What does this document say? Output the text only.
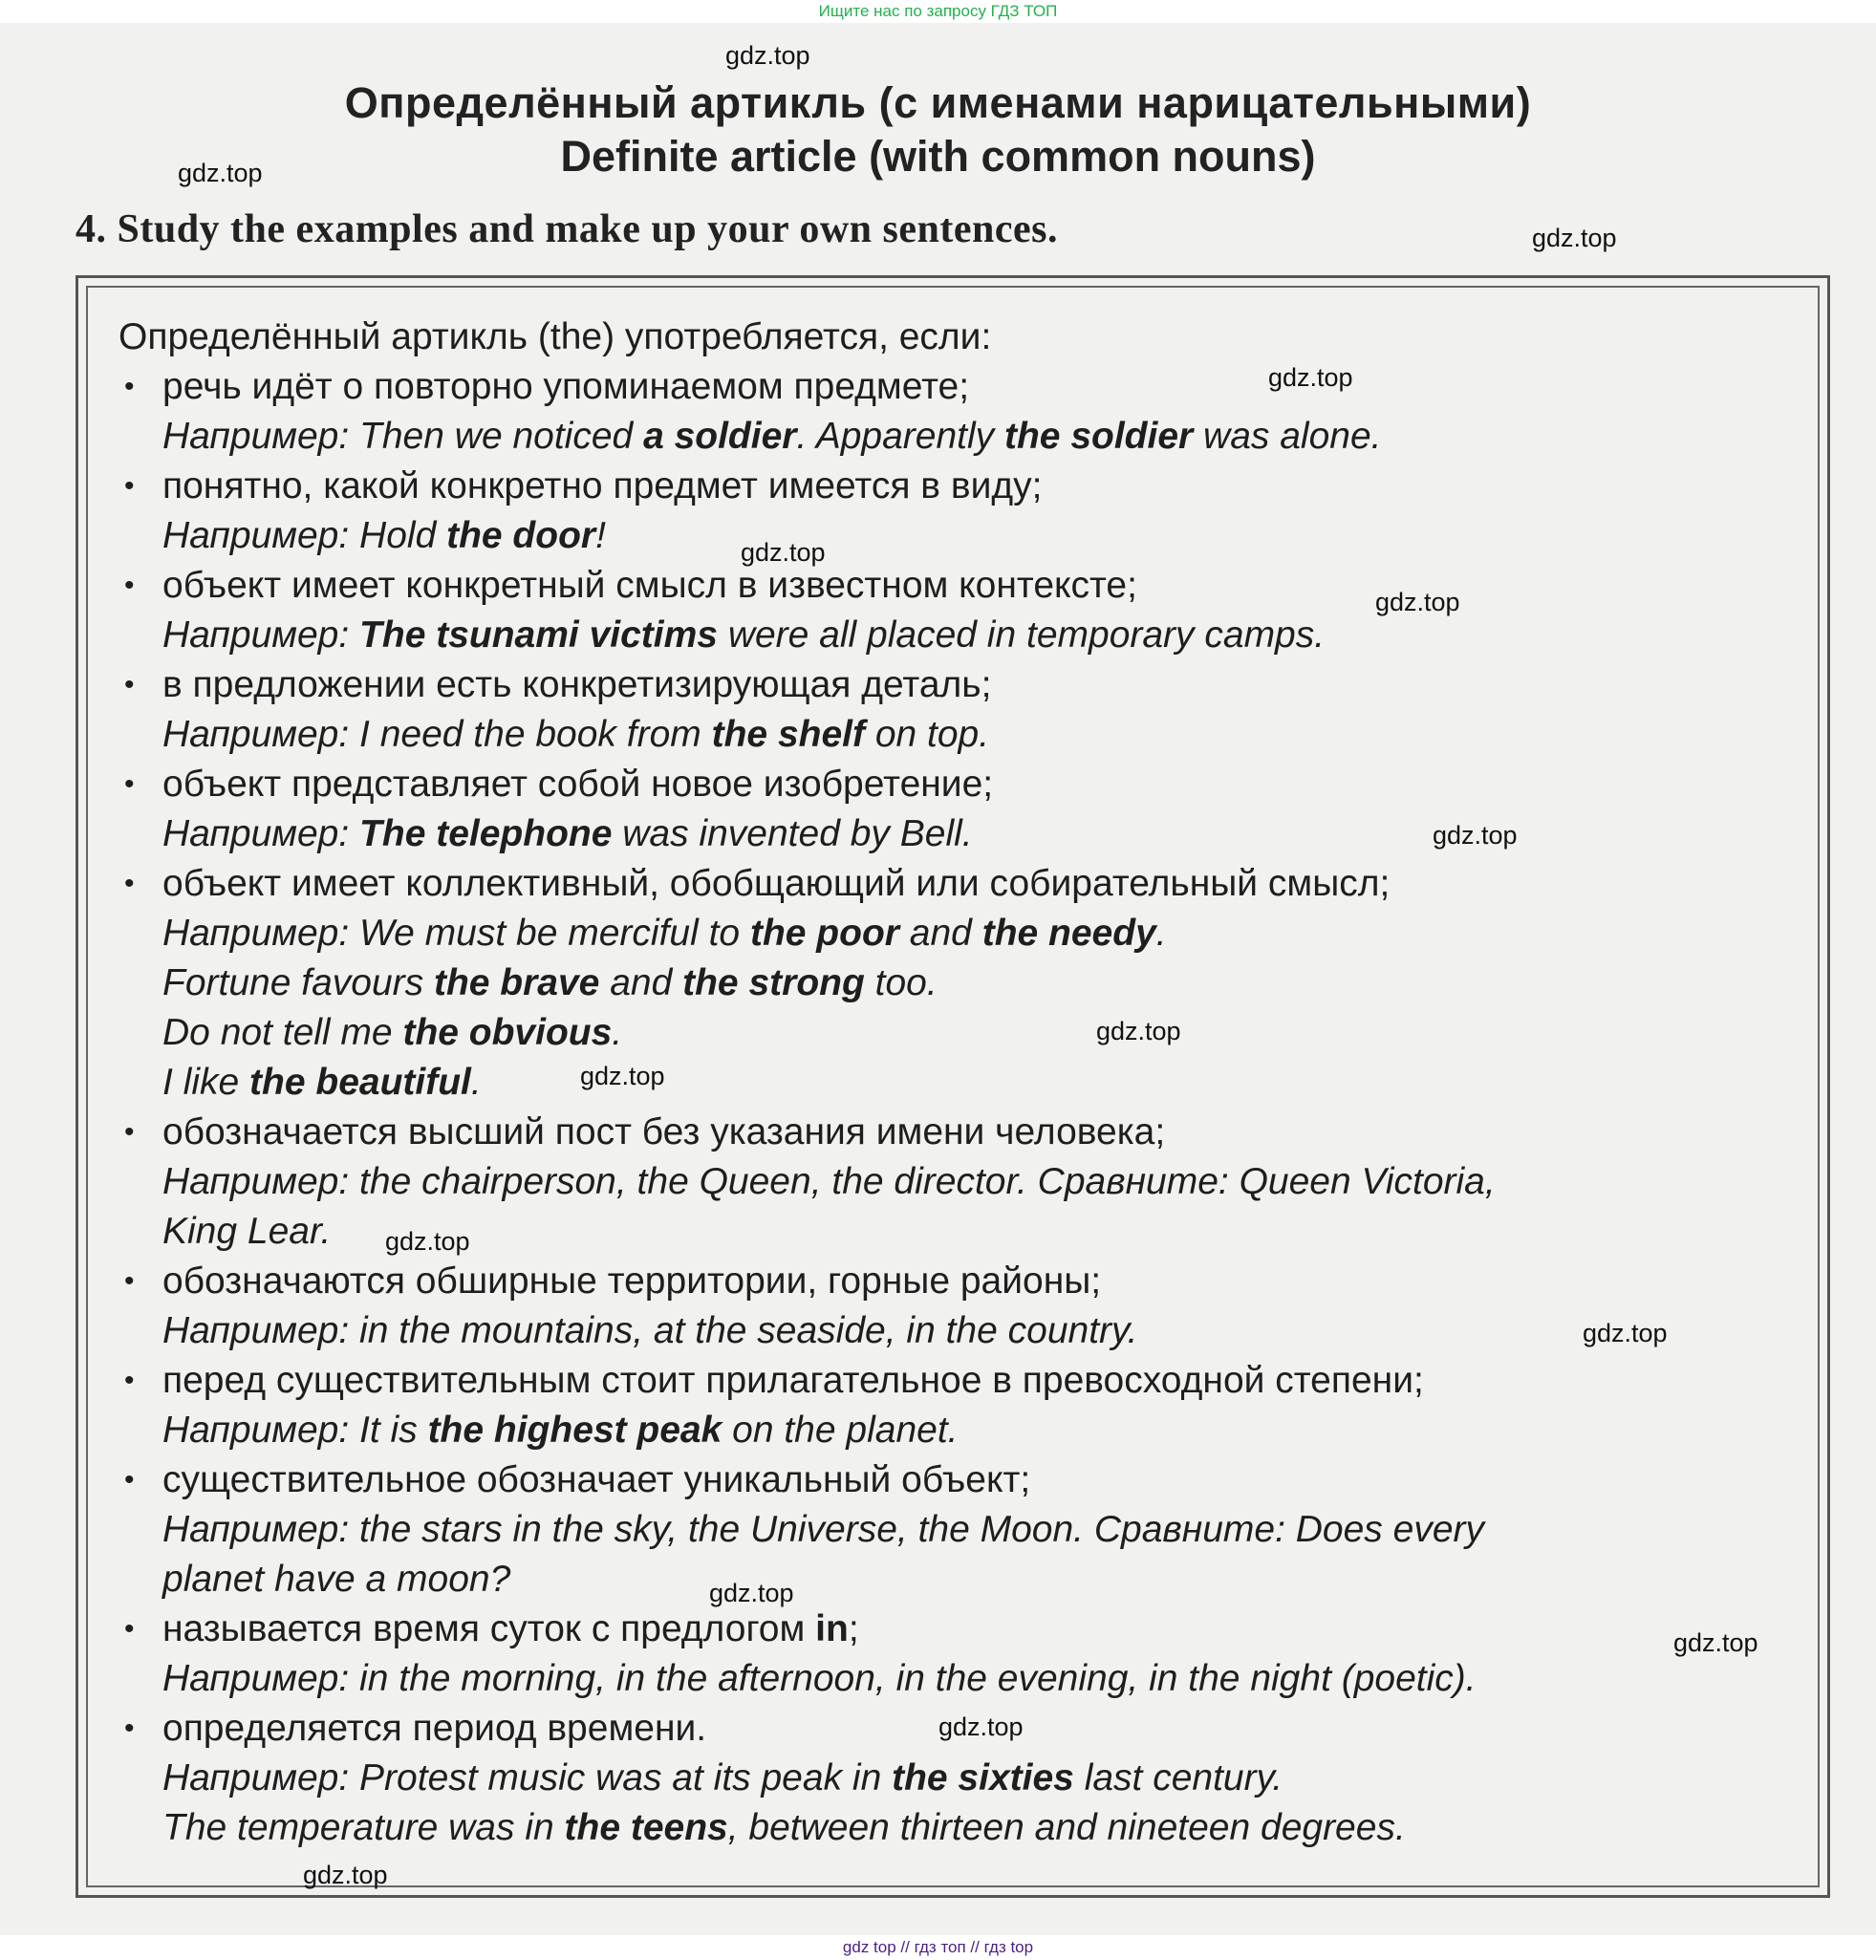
Ищите нас по запросу ГДЗ ТОП
Определённый артикль (с именами нарицательными)
Definite article (with common nouns)
4. Study the examples and make up your own sentences.
Определённый артикль (the) употребляется, если:
• речь идёт о повторно упоминаемом предмете;
Например: Then we noticed a soldier. Apparently the soldier was alone.
• понятно, какой конкретно предмет имеется в виду;
Например: Hold the door!
• объект имеет конкретный смысл в известном контексте;
Например: The tsunami victims were all placed in temporary camps.
• в предложении есть конкретизирующая деталь;
Например: I need the book from the shelf on top.
• объект представляет собой новое изобретение;
Например: The telephone was invented by Bell.
• объект имеет коллективный, обобщающий или собирательный смысл;
Например: We must be merciful to the poor and the needy.
Fortune favours the brave and the strong too.
Do not tell me the obvious.
I like the beautiful.
• обозначается высший пост без указания имени человека;
Например: the chairperson, the Queen, the director. Сравните: Queen Victoria,
King Lear.
• обозначаются обширные территории, горные районы;
Например: in the mountains, at the seaside, in the country.
• перед существительным стоит прилагательное в превосходной степени;
Например: It is the highest peak on the planet.
• существительное обозначает уникальный объект;
Например: the stars in the sky, the Universe, the Moon. Сравните: Does every
planet have a moon?
• называется время суток с предлогом in;
Например: in the morning, in the afternoon, in the evening, in the night (poetic).
• определяется период времени.
Например: Protest music was at its peak in the sixties last century.
The temperature was in the teens, between thirteen and nineteen degrees.
gdz.top
gdz.top
gdz.top
gdz.top
gdz.top
gdz.top
gdz.top
gdz.top
gdz.top
gdz.top
gdz.top
gdz.top
gdz.top
gdz.top
gdz.top
gdz top // гдз топ // гдз top
